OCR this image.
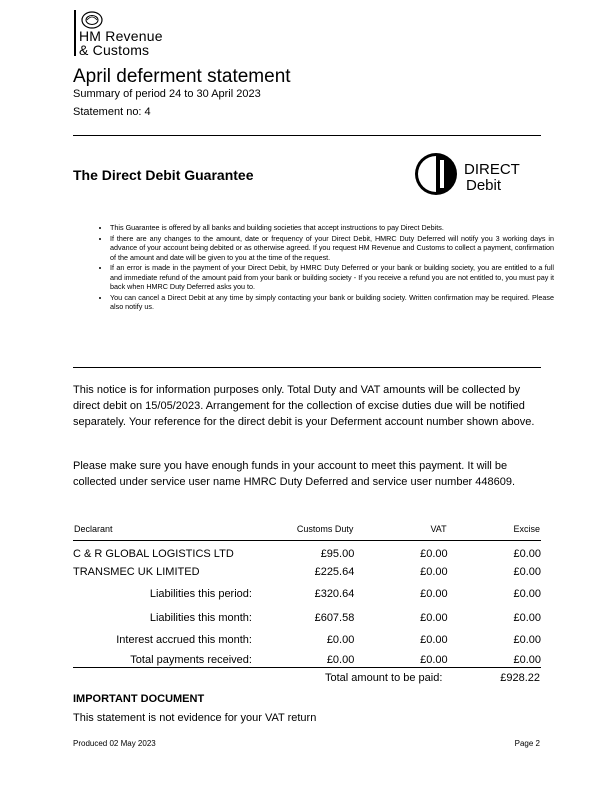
HM Revenue
& Customs
April deferment statement
Summary of period 24 to 30 April 2023
Statement no: 4
The Direct Debit Guarantee	DIRECT
Debit
• This Guarantee is offered by all banks and building societies that accept instructions to pay Direct Debits.
• If there are any changes to the amount, date or frequency of your Direct Debit, HMRC Duty Deferred will notify you 3 working days in advance of your account being debited or as otherwise agreed. If you request HM Revenue and Customs to collect a payment, confirmation of the amount and date will be given to you at the time of the request.
• If an error is made in the payment of your Direct Debit, by HMRC Duty Deferred or your bank or building society, you are entitled to a full and immediate refund of the amount paid from your bank or building society - If you receive a refund you are not entitled to, you must pay it back when HMRC Duty Deferred asks you to.
• You can cancel a Direct Debit at any time by simply contacting your bank or building society. Written confirmation may be required. Please also notify us.
This notice is for information purposes only. Total Duty and VAT amounts will be collected by direct debit on 15/05/2023. Arrangement for the collection of excise duties due will be notified separately. Your reference for the direct debit is your Deferment account number shown above.
Please make sure you have enough funds in your account to meet this payment. It will be collected under service user name HMRC Duty Deferred and service user number 448609.
Declarant	Customs Duty	VAT	Excise
C & R GLOBAL LOGISTICS LTD	£95.00	£0.00	£0.00
TRANSMEC UK LIMITED	£225.64	£0.00	£0.00
Liabilities this period:	£320.64	£0.00	£0.00
Liabilities this month:	£607.58	£0.00	£0.00
Interest accrued this month:	£0.00	£0.00	£0.00
Total payments received:	£0.00	£0.00	£0.00
Total amount to be paid:	£928.22
IMPORTANT DOCUMENT
This statement is not evidence for your VAT return
Produced 02 May 2023	Page 2
